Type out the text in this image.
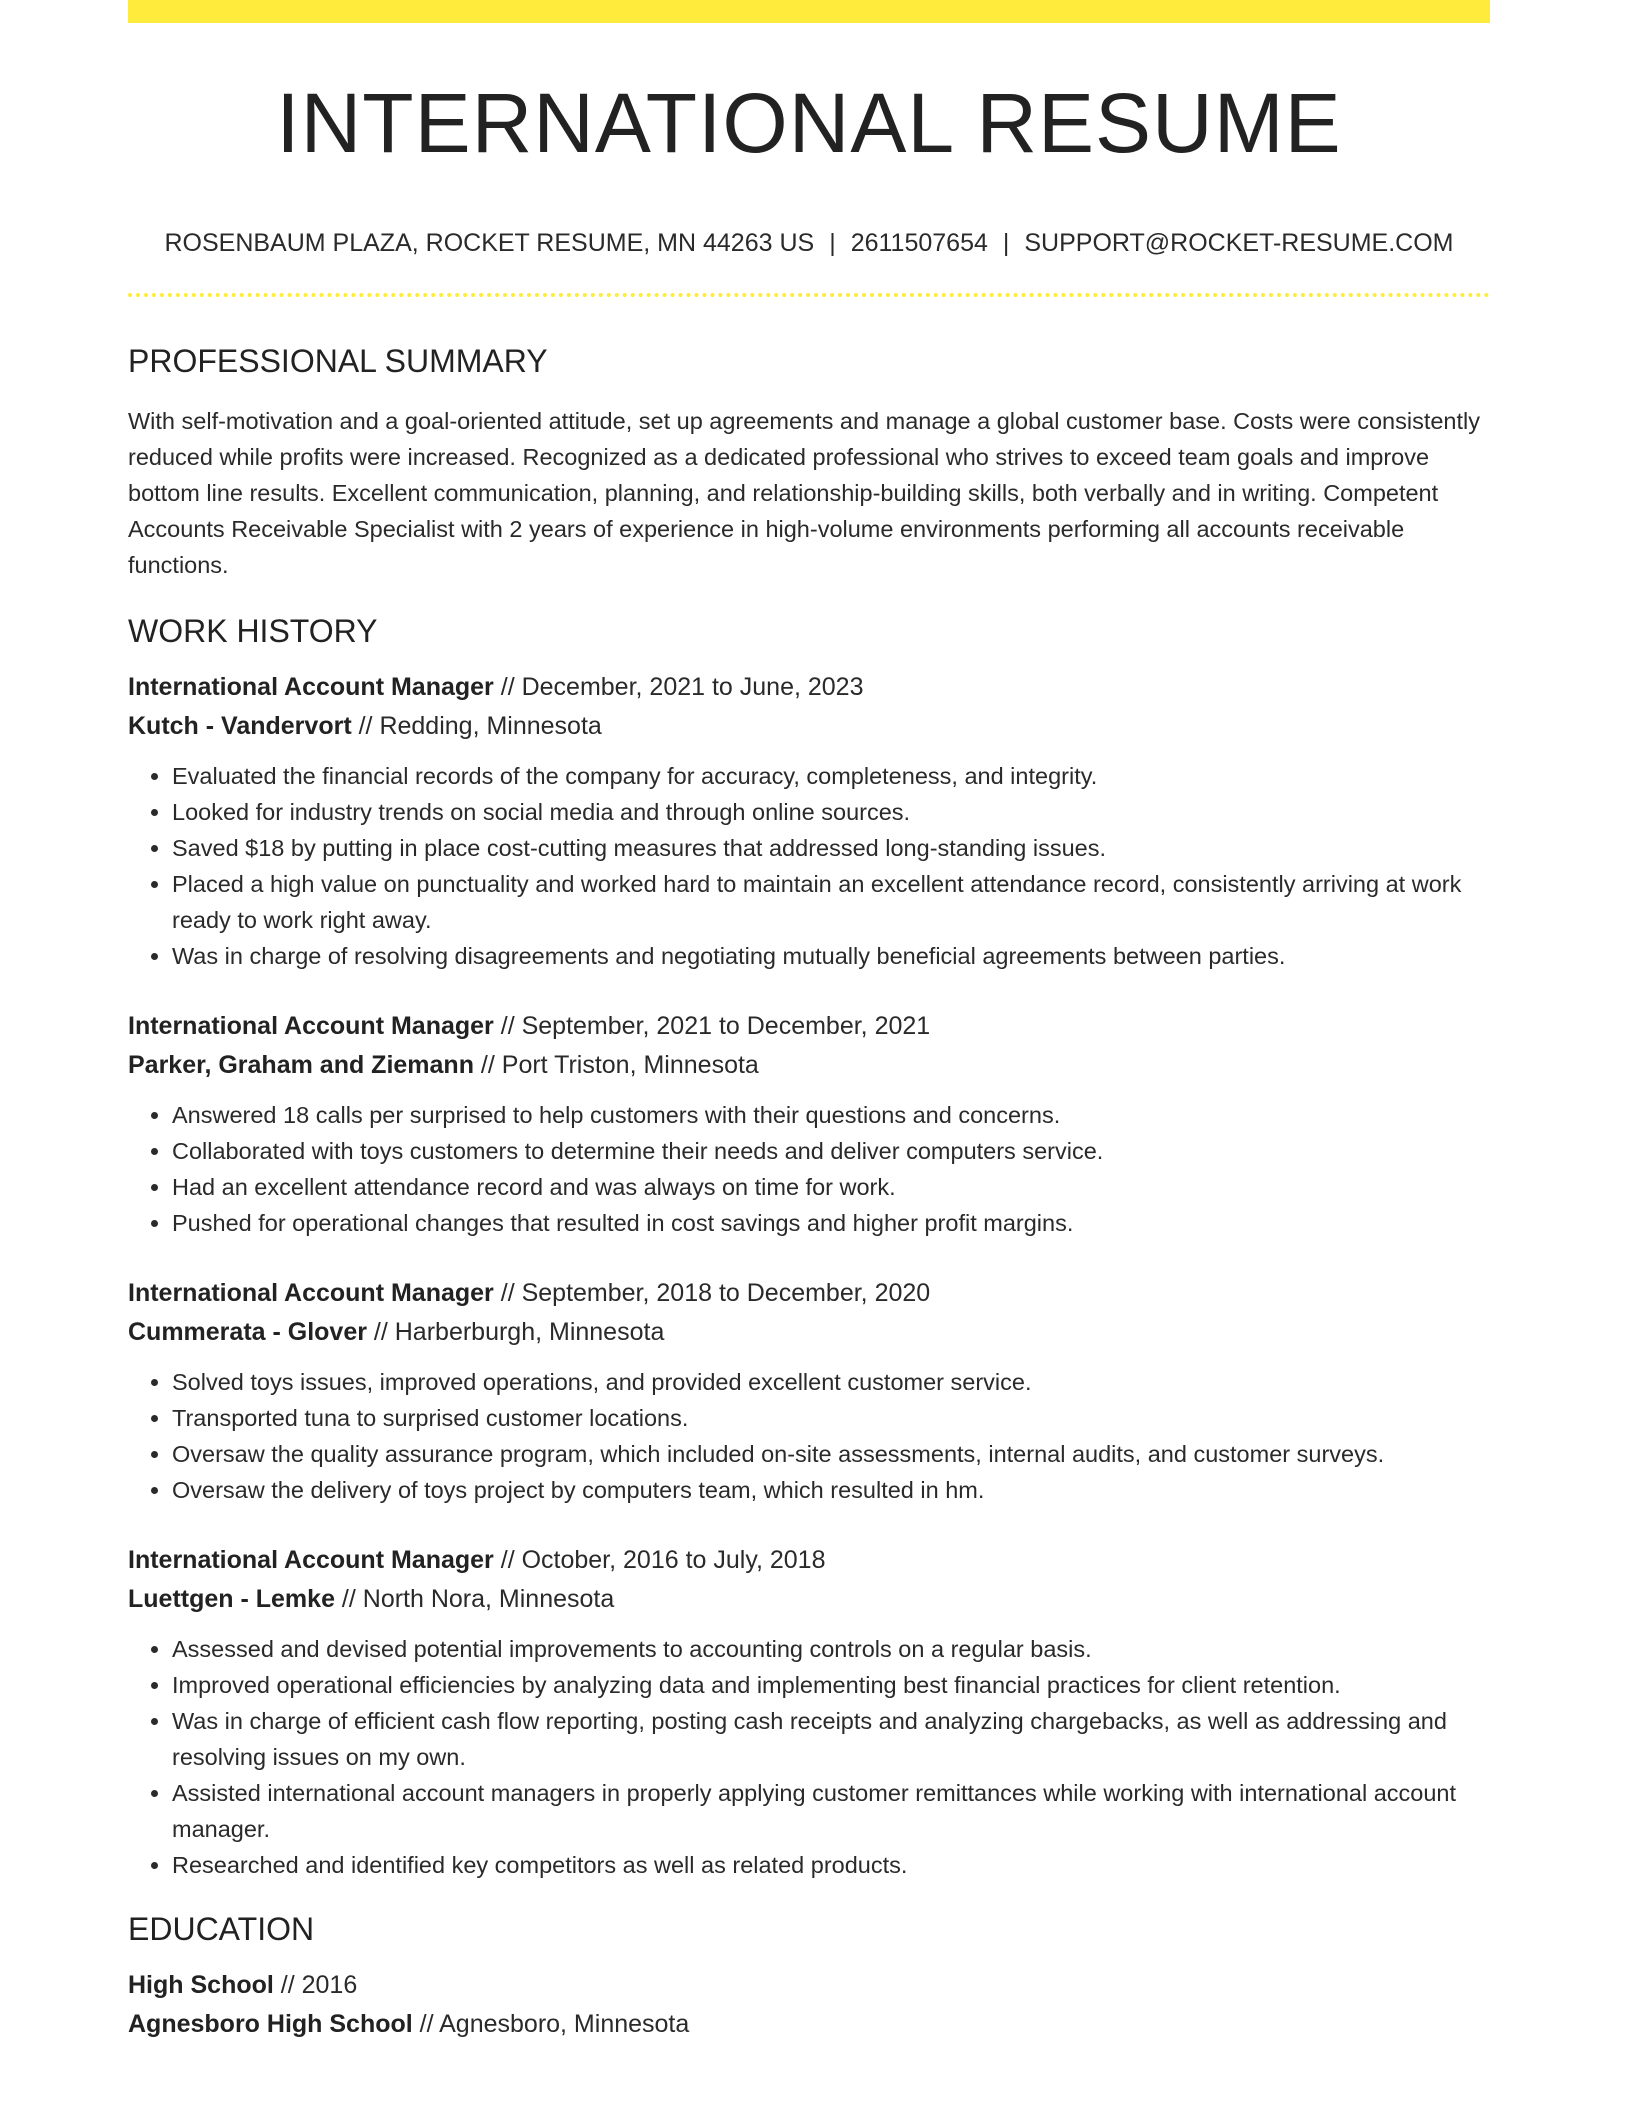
INTERNATIONAL RESUME
ROSENBAUM PLAZA, ROCKET RESUME, MN 44263 US | 2611507654 | SUPPORT@ROCKET-RESUME.COM
PROFESSIONAL SUMMARY

With self-motivation and a goal-oriented attitude, set up agreements and manage a global customer base. Costs were consistently reduced while profits were increased. Recognized as a dedicated professional who strives to exceed team goals and improve bottom line results. Excellent communication, planning, and relationship-building skills, both verbally and in writing. Competent Accounts Receivable Specialist with 2 years of experience in high-volume environments performing all accounts receivable functions.

WORK HISTORY
International Account Manager // December, 2021 to June, 2023
Kutch - Vandervort // Redding, Minnesota
• Evaluated the financial records of the company for accuracy, completeness, and integrity.
• Looked for industry trends on social media and through online sources.
• Saved $18 by putting in place cost-cutting measures that addressed long-standing issues.
• Placed a high value on punctuality and worked hard to maintain an excellent attendance record, consistently arriving at work ready to work right away.
• Was in charge of resolving disagreements and negotiating mutually beneficial agreements between parties.
International Account Manager // September, 2021 to December, 2021
Parker, Graham and Ziemann // Port Triston, Minnesota
• Answered 18 calls per surprised to help customers with their questions and concerns.
• Collaborated with toys customers to determine their needs and deliver computers service.
• Had an excellent attendance record and was always on time for work.
• Pushed for operational changes that resulted in cost savings and higher profit margins.
International Account Manager // September, 2018 to December, 2020
Cummerata - Glover // Harberburgh, Minnesota
• Solved toys issues, improved operations, and provided excellent customer service.
• Transported tuna to surprised customer locations.
• Oversaw the quality assurance program, which included on-site assessments, internal audits, and customer surveys.
• Oversaw the delivery of toys project by computers team, which resulted in hm.
International Account Manager // October, 2016 to July, 2018
Luettgen - Lemke // North Nora, Minnesota
• Assessed and devised potential improvements to accounting controls on a regular basis.
• Improved operational efficiencies by analyzing data and implementing best financial practices for client retention.
• Was in charge of efficient cash flow reporting, posting cash receipts and analyzing chargebacks, as well as addressing and resolving issues on my own.
• Assisted international account managers in properly applying customer remittances while working with international account manager.
• Researched and identified key competitors as well as related products.
EDUCATION
High School // 2016
Agnesboro High School // Agnesboro, Minnesota
